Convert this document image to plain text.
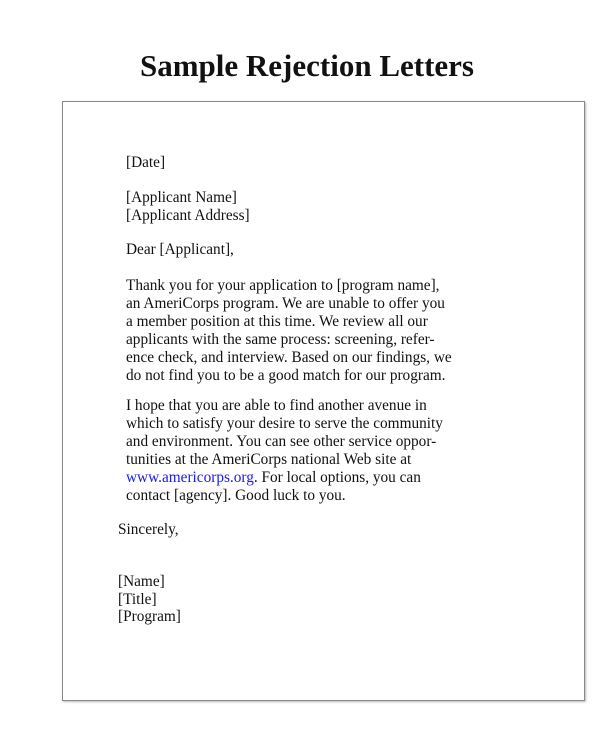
Sample Rejection Letters
[Date]
[Applicant Name]
[Applicant Address]
Dear [Applicant],
Thank you for your application to [program name],
an AmeriCorps program. We are unable to offer you
a member position at this time. We review all our
applicants with the same process: screening, refer-
ence check, and interview. Based on our findings, we
do not find you to be a good match for our program.
I hope that you are able to find another avenue in
which to satisfy your desire to serve the community
and environment. You can see other service oppor-
tunities at the AmeriCorps national Web site at
www.americorps.org. For local options, you can
contact [agency]. Good luck to you.
Sincerely,
[Name]
[Title]
[Program]
